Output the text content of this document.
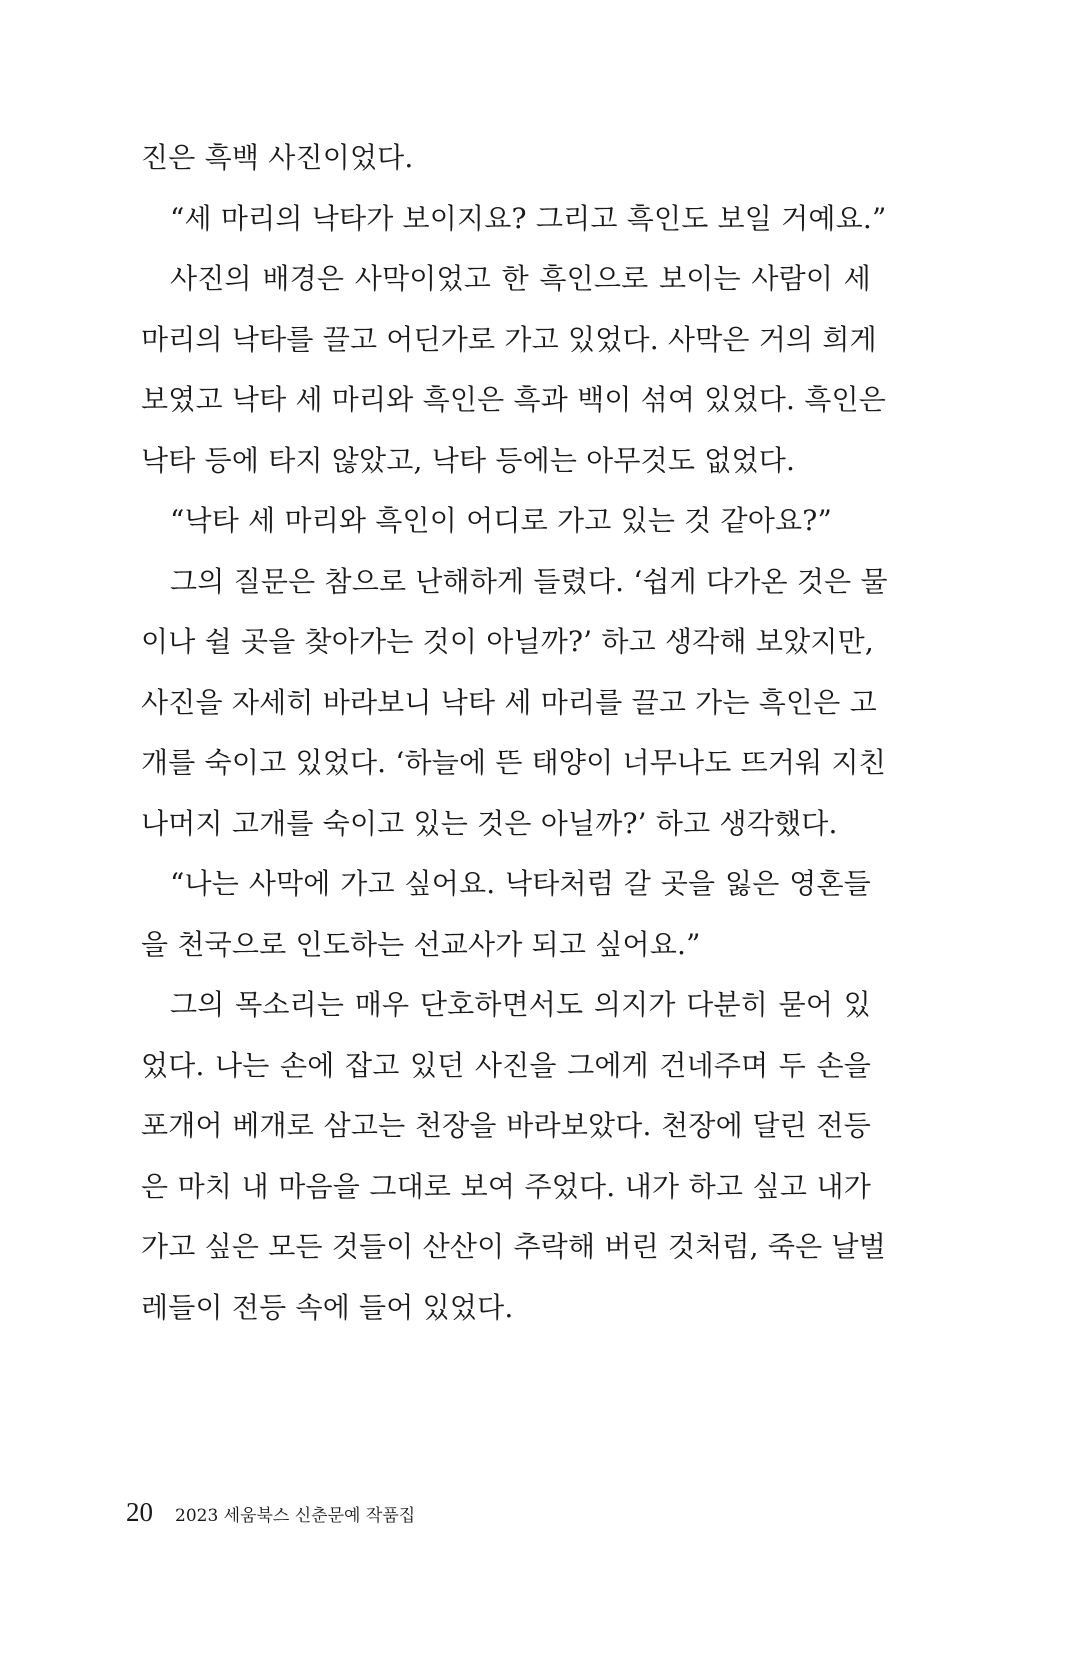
진은 흑백 사진이었다.
“세 마리의 낙타가 보이지요? 그리고 흑인도 보일 거예요.”
사진의 배경은 사막이었고 한 흑인으로 보이는 사람이 세
마리의 낙타를 끌고 어딘가로 가고 있었다. 사막은 거의 희게
보였고 낙타 세 마리와 흑인은 흑과 백이 섞여 있었다. 흑인은
낙타 등에 타지 않았고, 낙타 등에는 아무것도 없었다.
“낙타 세 마리와 흑인이 어디로 가고 있는 것 같아요?”
그의 질문은 참으로 난해하게 들렸다. ‘쉽게 다가온 것은 물
이나 쉴 곳을 찾아가는 것이 아닐까?’ 하고 생각해 보았지만,
사진을 자세히 바라보니 낙타 세 마리를 끌고 가는 흑인은 고
개를 숙이고 있었다. ‘하늘에 뜬 태양이 너무나도 뜨거워 지친
나머지 고개를 숙이고 있는 것은 아닐까?’ 하고 생각했다.
“나는 사막에 가고 싶어요. 낙타처럼 갈 곳을 잃은 영혼들
을 천국으로 인도하는 선교사가 되고 싶어요.”
그의 목소리는 매우 단호하면서도 의지가 다분히 묻어 있
었다. 나는 손에 잡고 있던 사진을 그에게 건네주며 두 손을
포개어 베개로 삼고는 천장을 바라보았다. 천장에 달린 전등
은 마치 내 마음을 그대로 보여 주었다. 내가 하고 싶고 내가
가고 싶은 모든 것들이 산산이 추락해 버린 것처럼, 죽은 날벌
레들이 전등 속에 들어 있었다.
20 2023 세움북스 신춘문예 작품집
